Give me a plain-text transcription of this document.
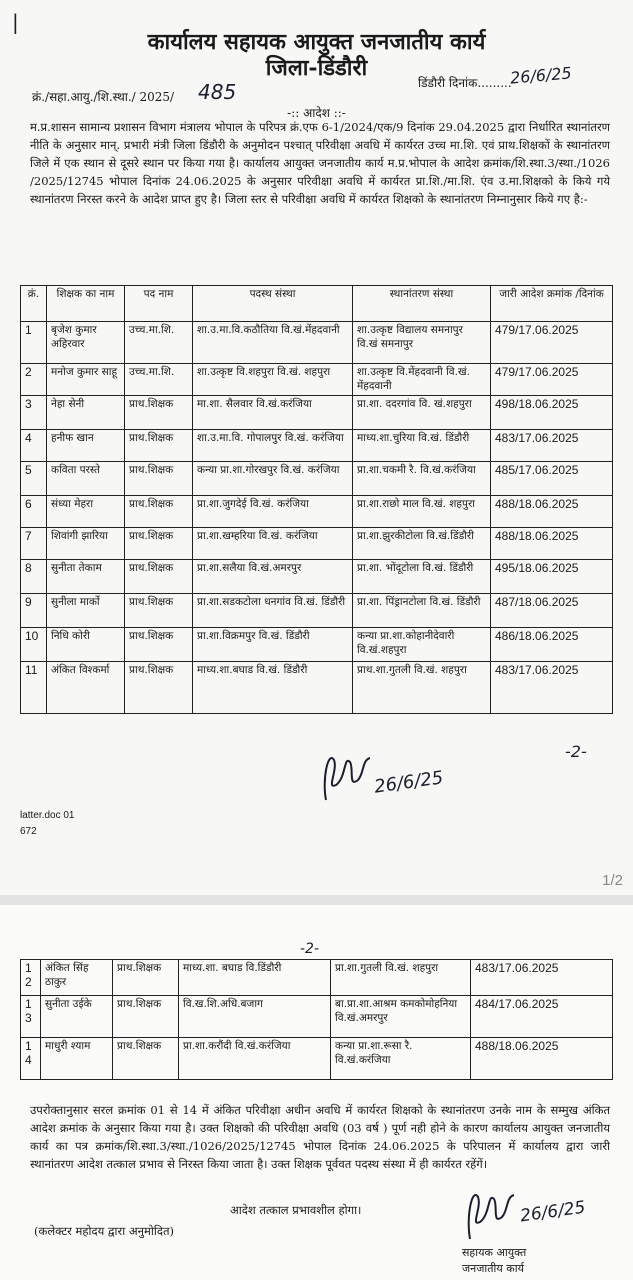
|
कार्यालय सहायक आयुक्त जनजातीय कार्य
जिला-डिंडौरी
क्रं./सहा.आयु./शि.स्था./ 2025/ 485	डिंडौरी दिनांक.........
26/6/25
-:: आदेश ::-

म.प्र.शासन सामान्य प्रशासन विभाग मंत्रालय भोपाल के परिपत्र क्रं.एफ 6-1/2024/एक/9 दिनांक 29.04.2025 द्वारा निर्धारित स्थानांतरण नीति के अनुसार मान्. प्रभारी मंत्री जिला डिंडौरी के अनुमोदन पश्चात् परिवीक्षा अवधि में कार्यरत उच्च मा.शि. एवं प्राथ.शिक्षकों के स्थानांतरण जिले में एक स्थान से दूसरे स्थान पर किया गया है। कार्यालय आयुक्त जनजातीय कार्य म.प्र.भोपाल के आदेश क्रमांक/शि.स्था.3/स्था./1026 /2025/12745 भोपाल दिनांक 24.06.2025 के अनुसार परिवीक्षा अवधि में कार्यरत प्रा.शि./मा.शि. एंव उ.मा.शिक्षको के किये गये स्थानांतरण निरस्त करने के आदेश प्राप्त हुए है। जिला स्तर से परिवीक्षा अवधि में कार्यरत शिक्षको के स्थानांतरण निम्नानुसार किये गए है:-

क्रं.	शिक्षक का नाम	पद नाम	पदस्थ संस्था	स्थानांतरण संस्था	जारी आदेश क्रमांक /दिनांक
1	बृजेश कुमार अहिरवार	उच्च.मा.शि.	शा.उ.मा.वि.कठौतिया वि.खं.मेंहदवानी	शा.उत्कृष्ट विद्यालय समनापुर वि.खं समनापुर	479/17.06.2025
2	मनोज कुमार साहू	उच्च.मा.शि.	शा.उत्कृष्ट वि.शहपुरा वि.खं. शहपुरा	शा.उत्कृष्ट वि.मेंहदवानी वि.खं. मेंहदवानी	479/17.06.2025
3	नेहा सेनी	प्राथ.शिक्षक	मा.शा. सैलवार वि.खं.करंजिया	प्रा.शा. ददरगांव वि. खं.शहपुरा	498/18.06.2025
4	हनीफ खान	प्राथ.शिक्षक	शा.उ.मा.वि. गोपालपुर वि.खं. करंजिया	माध्य.शा.चुरिया वि.खं. डिंडौरी	483/17.06.2025
5	कविता परस्ते	प्राथ.शिक्षक	कन्या प्रा.शा.गोरखपुर वि.खं. करंजिया	प्रा.शा.चकमी रै. वि.खं.करंजिया	485/17.06.2025
6	संध्या मेहरा	प्राथ.शिक्षक	प्रा.शा.जुगदेई वि.खं. करंजिया	प्रा.शा.राछो माल वि.खं. शहपुरा	488/18.06.2025
7	शिवांगी झारिया	प्राथ.शिक्षक	प्रा.शा.खम्हरिया वि.खं. करंजिया	प्रा.शा.झुरकीटोला वि.खं.डिंडौरी	488/18.06.2025
8	सुनीता तेकाम	प्राथ.शिक्षक	प्रा.शा.सलैया वि.खं.अमरपुर	प्रा.शा. भोंदूटोला वि.खं. डिंडौरी	495/18.06.2025
9	सुनीला मार्को	प्राथ.शिक्षक	प्रा.शा.सडकटोला धनगांव वि.खं. डिंडौरी	प्रा.शा. पिंड्रानटोला वि.खं. डिंडौरी	487/18.06.2025
10	निधि कोरी	प्राथ.शिक्षक	प्रा.शा.विक्रमपुर वि.खं. डिंडौरी	कन्या प्रा.शा.कोहानीदेवारी वि.खं.शहपुरा	486/18.06.2025
11	अंकित विश्कर्मा	प्राथ.शिक्षक	माध्य.शा.बघाड वि.खं. डिंडौरी	प्राथ.शा.गुतली वि.खं. शहपुरा	483/17.06.2025
-2-
26/6/25
latter.doc 01
672
1/2
-2-
12	अंकित सिंह ठाकुर	प्राथ.शिक्षक	माध्य.शा. बघाड वि.डिंडौरी	प्रा.शा.गुतली वि.खं. शहपुरा	483/17.06.2025
13	सुनीता उईके	प्राथ.शिक्षक	वि.ख.शि.अधि.बजाग	बा.प्रा.शा.आश्रम कमकोमोहनिया वि.खं.अमरपुर	484/17.06.2025
14	माधुरी श्याम	प्राथ.शिक्षक	प्रा.शा.करौंदी वि.खं.करंजिया	कन्या प्रा.शा.रूसा रै. वि.खं.करंजिया	488/18.06.2025

उपरोक्तानुसार सरल क्रमांक 01 से 14 में अंकित परिवीक्षा अधीन अवधि में कार्यरत शिक्षको के स्थानांतरण उनके नाम के सम्मुख अंकित आदेश क्रमांक के अनुसार किया गया है। उक्त शिक्षको की परिवीक्षा अवधि (03 वर्ष ) पूर्ण नही होने के कारण कार्यालय आयुक्त जनजातीय कार्य का पत्र क्रमांक/शि.स्था.3/स्था./1026/2025/12745 भोपाल दिनांक 24.06.2025 के परिपालन में कार्यालय द्वारा जारी स्थानांतरण आदेश तत्काल प्रभाव से निरस्त किया जाता है। उक्त शिक्षक पूर्ववत पदस्थ संस्था में ही कार्यरत रहेंगें।

आदेश तत्काल प्रभावशील होगा।
(कलेक्टर महोदय द्वारा अनुमोदित)
26/6/25
सहायक आयुक्त
जनजातीय कार्य
